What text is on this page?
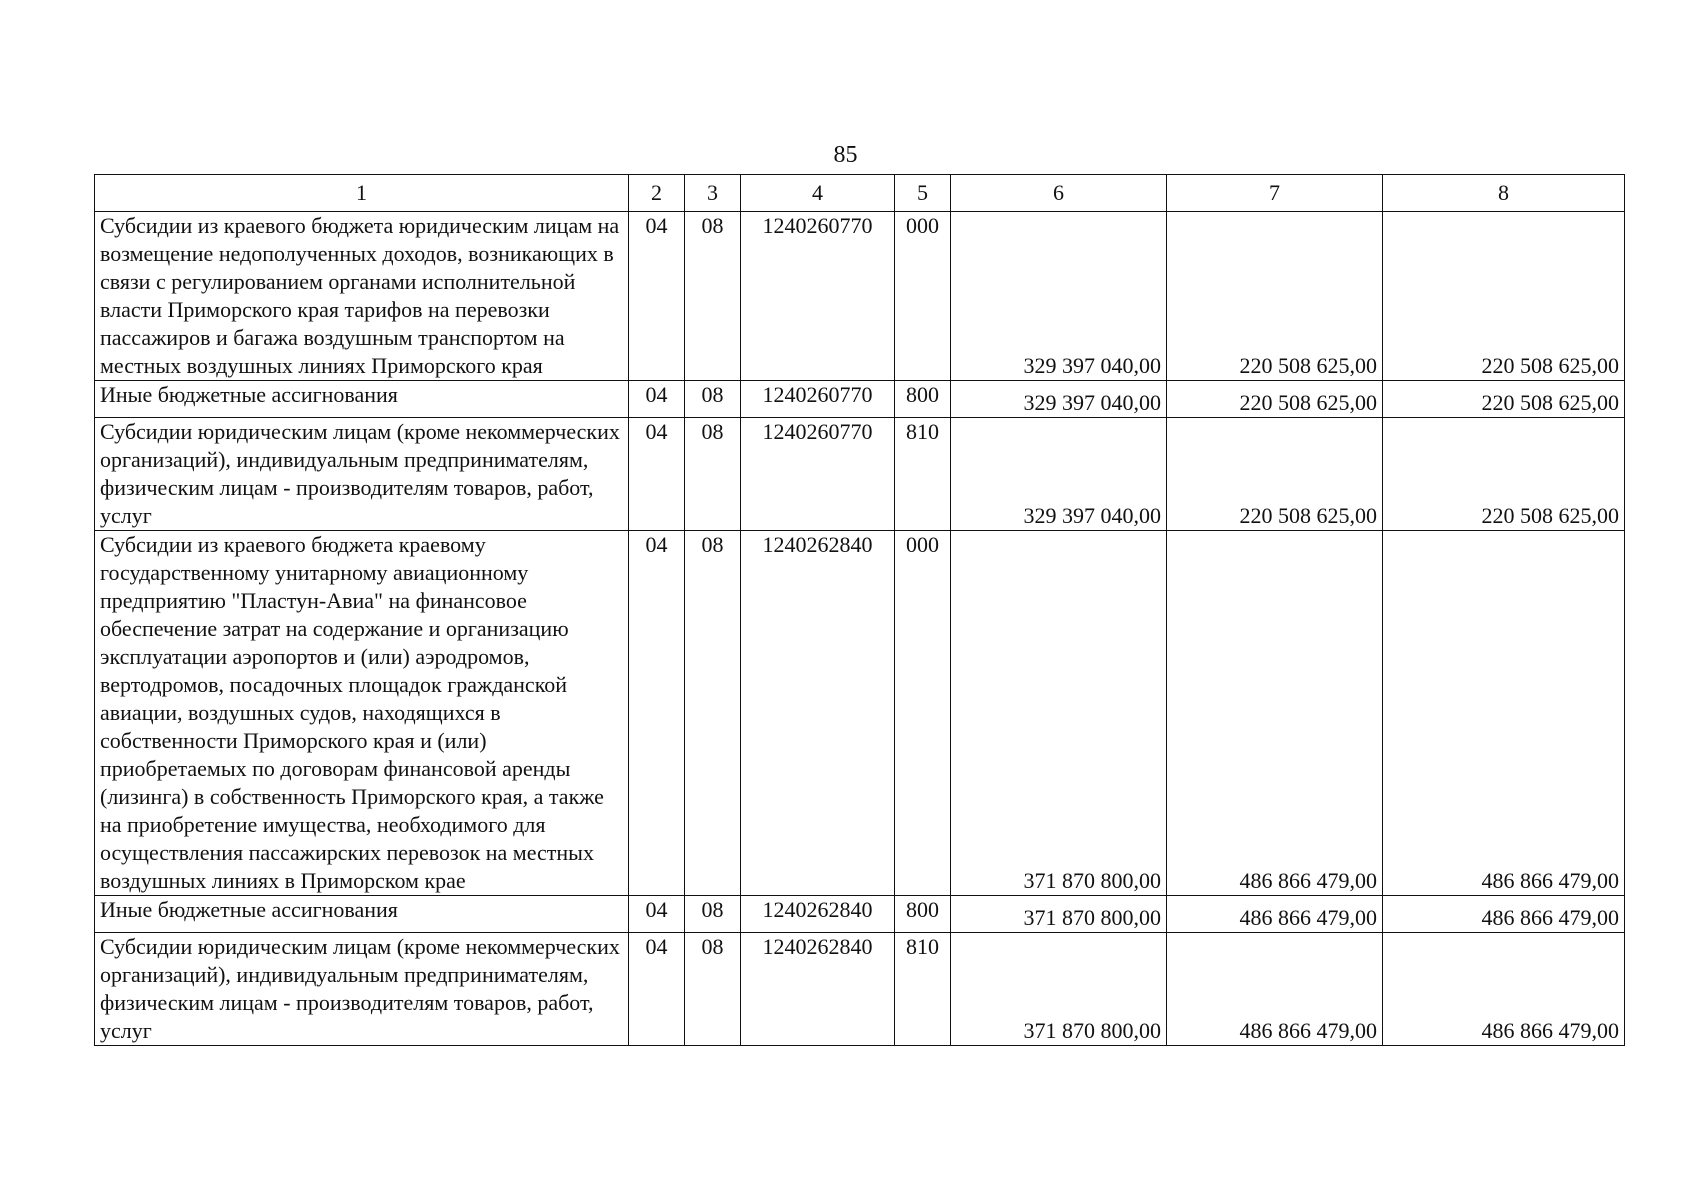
85
1	2	3	4	5	6	7	8
Субсидии из краевого бюджета юридическим лицам на возмещение недополученных доходов, возникающих в связи с регулированием органами исполнительной власти Приморского края тарифов на перевозки пассажиров и багажа воздушным транспортом на местных воздушных линиях Приморского края	04	08	1240260770	000	329 397 040,00	220 508 625,00	220 508 625,00
Иные бюджетные ассигнования	04	08	1240260770	800	329 397 040,00	220 508 625,00	220 508 625,00
Субсидии юридическим лицам (кроме некоммерческих организаций), индивидуальным предпринимателям, физическим лицам - производителям товаров, работ, услуг	04	08	1240260770	810	329 397 040,00	220 508 625,00	220 508 625,00
Субсидии из краевого бюджета краевому государственному унитарному авиационному предприятию "Пластун-Авиа" на финансовое обеспечение затрат на содержание и организацию эксплуатации аэропортов и (или) аэродромов, вертодромов, посадочных площадок гражданской авиации, воздушных судов, находящихся в собственности Приморского края и (или) приобретаемых по договорам финансовой аренды (лизинга) в собственность Приморского края, а также на приобретение имущества, необходимого для осуществления пассажирских перевозок на местных воздушных линиях в Приморском крае	04	08	1240262840	000	371 870 800,00	486 866 479,00	486 866 479,00
Иные бюджетные ассигнования	04	08	1240262840	800	371 870 800,00	486 866 479,00	486 866 479,00
Субсидии юридическим лицам (кроме некоммерческих организаций), индивидуальным предпринимателям, физическим лицам - производителям товаров, работ, услуг	04	08	1240262840	810	371 870 800,00	486 866 479,00	486 866 479,00
